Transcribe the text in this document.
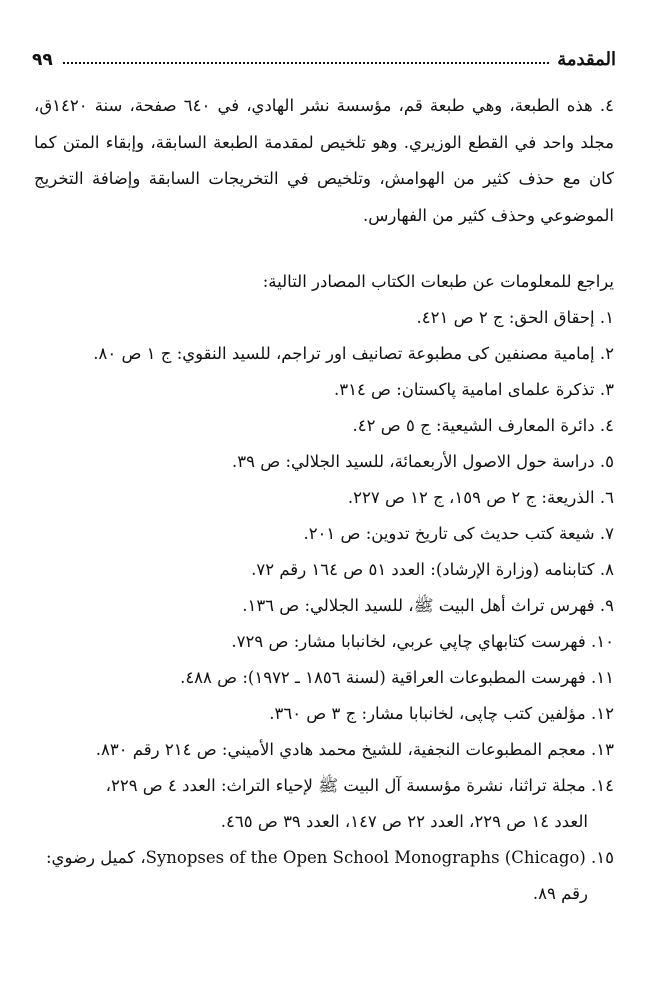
٩٩	المقدمة

٤. هذه الطبعة، وهي طبعة قم، مؤسسة نشر الهادي، في ٦٤٠ صفحة، سنة ١٤٢٠ق، مجلد واحد في القطع الوزيري. وهو تلخيص لمقدمة الطبعة السابقة، وإبقاء المتن كما كان مع حذف كثير من الهوامش، وتلخيص في التخريجات السابقة وإضافة التخريج الموضوعي وحذف كثير من الفهارس.

يراجع للمعلومات عن طبعات الكتاب المصادر التالية:

١. إحقاق الحق: ج ٢ ص ٤٢١.
٢. إمامية مصنفين كى مطبوعة تصانيف اور تراجم، للسيد النقوي: ج ١ ص ٨٠.
٣. تذكرة علماى امامية پاكستان: ص ٣١٤.
٤. دائرة المعارف الشيعية: ج ٥ ص ٤٢.
٥. دراسة حول الاصول الأربعمائة، للسيد الجلالي: ص ٣٩.
٦. الذريعة: ج ٢ ص ١٥٩، ج ١٢ ص ٢٢٧.
٧. شيعة كتب حديث كى تاريخ تدوين: ص ٢٠١.
٨. كتابنامه (وزارة الإرشاد): العدد ٥١ ص ١٦٤ رقم ٧٢.
٩. فهرس تراث أهل البيت ﷺ، للسيد الجلالي: ص ١٣٦.
١٠. فهرست كتابهاي چاپي عربي، لخانبابا مشار: ص ٧٢٩.
١١. فهرست المطبوعات العراقية (لسنة ١٨٥٦ ـ ١٩٧٢): ص ٤٨٨.
١٢. مؤلفين كتب چاپى، لخانبابا مشار: ج ٣ ص ٣٦٠.
١٣. معجم المطبوعات النجفية، للشيخ محمد هادي الأميني: ص ٢١٤ رقم ٨٣٠.
١٤. مجلة تراثنا، نشرة مؤسسة آل البيت ﷺ لإحياء التراث: العدد ٤ ص ٢٢٩،
العدد ١٤ ص ٢٢٩، العدد ٢٢ ص ١٤٧، العدد ٣٩ ص ٤٦٥.
١٥. Synopses of the Open School Monographs (Chicago)، كميل رضوي:
رقم ٨٩.
